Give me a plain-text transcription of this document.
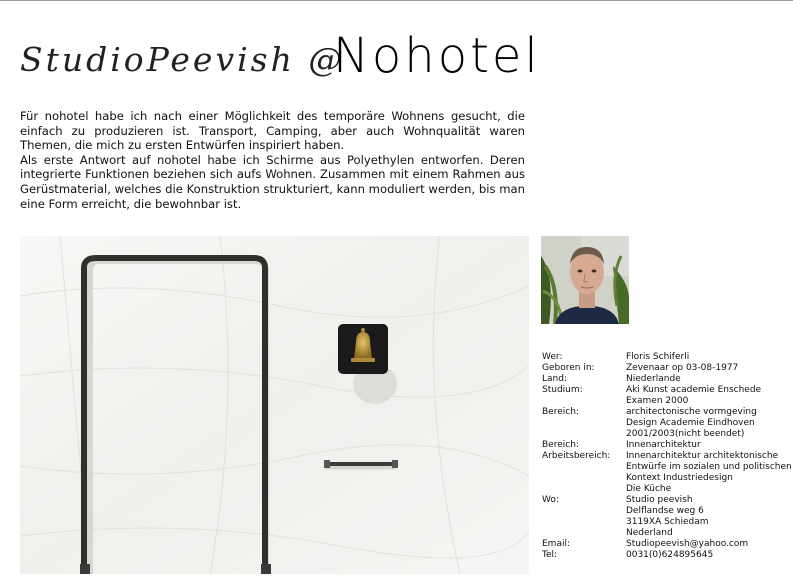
StudioPeevish @
Nohotel

Für nohotel habe ich nach einer Möglichkeit des temporäre Wohnens gesucht, die einfach zu produzieren ist. Transport, Camping, aber auch Wohnqualität waren Themen, die mich zu ersten Entwürfen inspiriert haben.

Als erste Antwort auf nohotel habe ich Schirme aus Polyethylen entworfen. Deren integrierte Funktionen beziehen sich aufs Wohnen. Zusammen mit einem Rahmen aus Gerüstmaterial, welches die Konstruktion strukturiert, kann moduliert werden, bis man eine Form erreicht, die bewohnbar ist.

Wer:	Floris Schiferli
Geboren in:	Zevenaar op 03-08-1977
Land:	Niederlande
Studium:	Aki Kunst academie Enschede
Examen 2000
Bereich:	architectonische vormgeving
Design Academie Eindhoven
2001/2003(nicht beendet)
Bereich:	Innenarchitektur
Arbeitsbereich:	Innenarchitektur architektonische
Entwürfe im sozialen und politischen
Kontext Industriedesign
Die Küche
Wo:	Studio peevish
Delflandse weg 6
3119XA Schiedam
Nederland
Email:	Studiopeevish@yahoo.com
Tel:	0031(0)624895645
